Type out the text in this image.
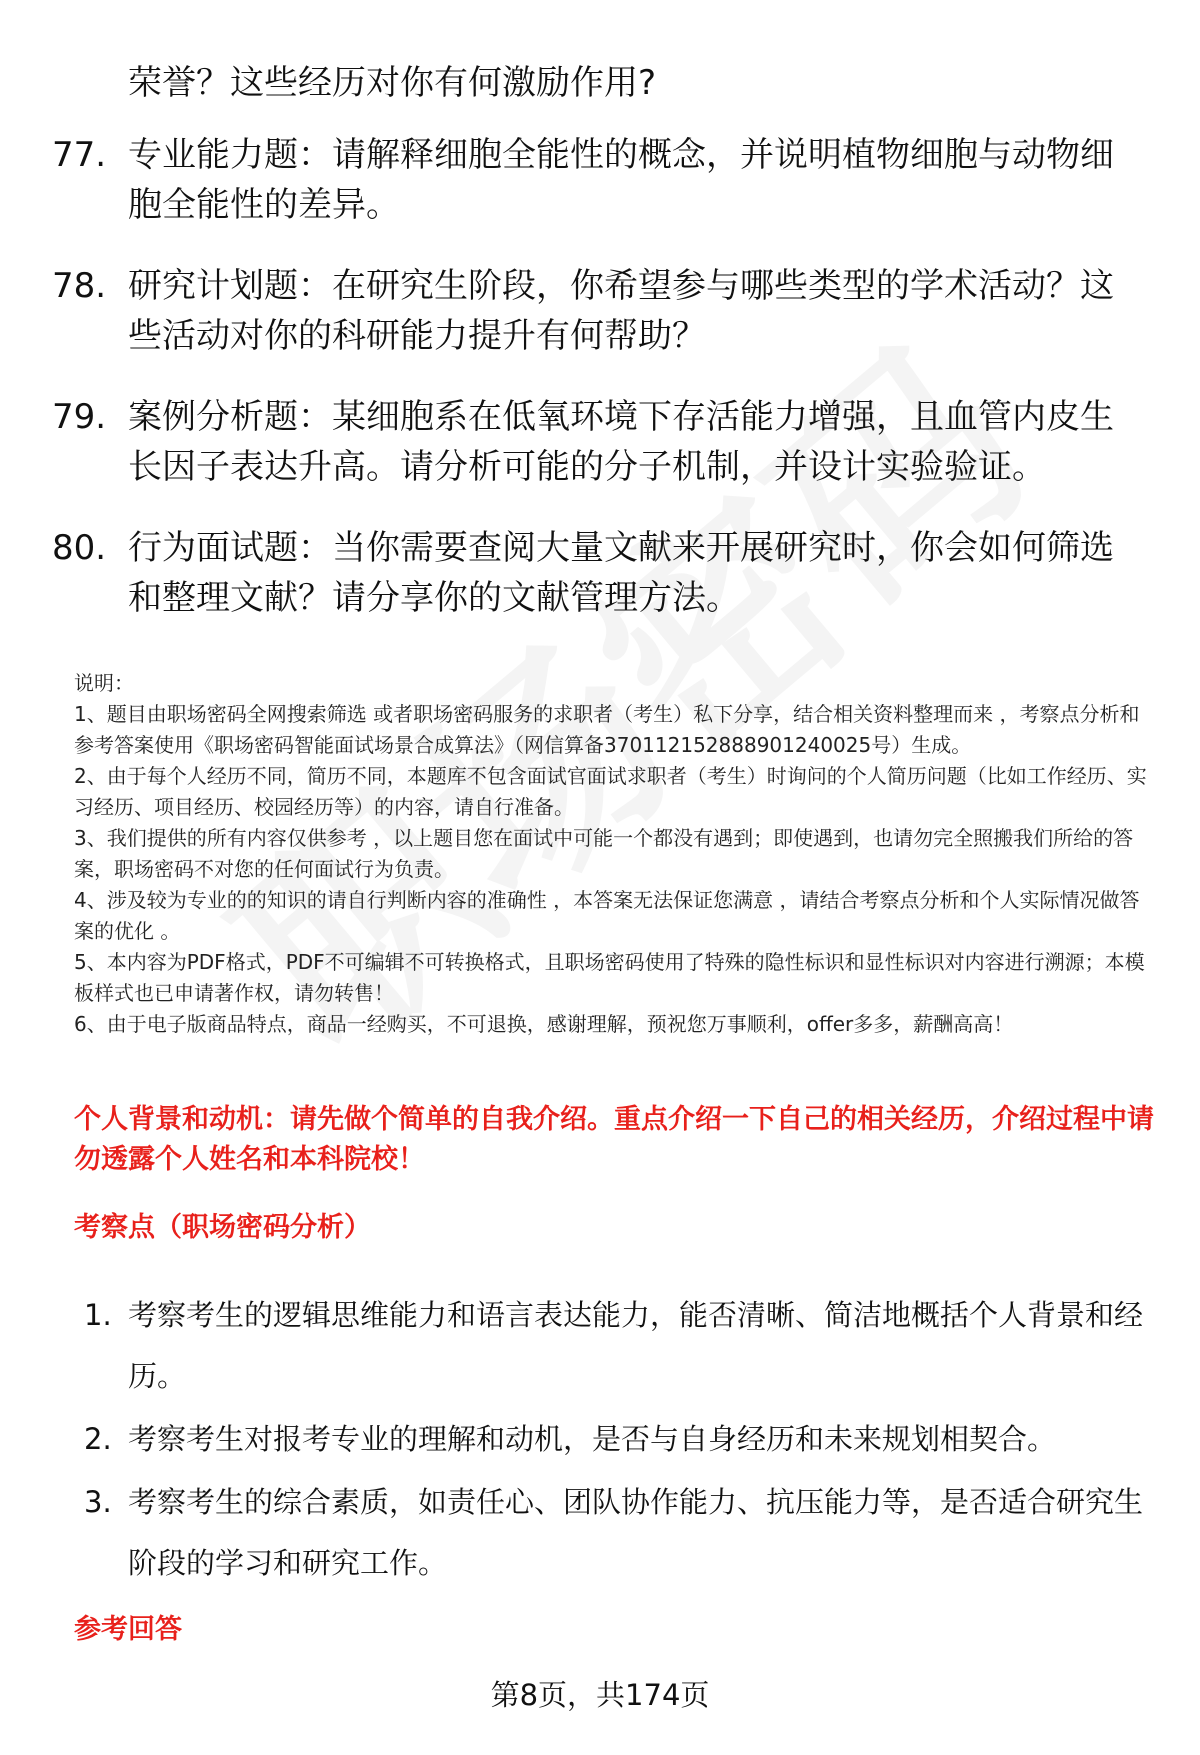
荣誉？这些经历对你有何激励作用?
77. 专业能力题：请解释细胞全能性的概念，并说明植物细胞与动物细胞全能性的差异。
78. 研究计划题：在研究生阶段，你希望参与哪些类型的学术活动？这些活动对你的科研能力提升有何帮助？
79. 案例分析题：某细胞系在低氧环境下存活能力增强，且血管内皮生长因子表达升高。请分析可能的分子机制，并设计实验验证。
80. 行为面试题：当你需要查阅大量文献来开展研究时，你会如何筛选和整理文献？请分享你的文献管理方法。

说明：

1、题目由职场密码全网搜索筛选 或者职场密码服务的求职者（考生）私下分享，结合相关资料整理而来 ，考察点分析和参考答案使用《职场密码智能面试场景合成算法》（网信算备370112152888901240025号）生成。

2、由于每个人经历不同，简历不同，本题库不包含面试官面试求职者（考生）时询问的个人简历问题（比如工作经历、实习经历、项目经历、校园经历等）的内容，请自行准备。

3、我们提供的所有内容仅供参考 ，以上题目您在面试中可能一个都没有遇到；即使遇到，也请勿完全照搬我们所给的答案，职场密码不对您的任何面试行为负责。

4、涉及较为专业的的知识的请自行判断内容的准确性 ，本答案无法保证您满意 ，请结合考察点分析和个人实际情况做答案的优化 。

5、本内容为PDF格式，PDF不可编辑不可转换格式，且职场密码使用了特殊的隐性标识和显性标识对内容进行溯源；本模板样式也已申请著作权，请勿转售！

6、由于电子版商品特点，商品一经购买，不可退换，感谢理解，预祝您万事顺利，offer多多，薪酬高高！

个人背景和动机：请先做个简单的自我介绍。重点介绍一下自己的相关经历，介绍过程中请勿透露个人姓名和本科院校！
考察点（职场密码分析）
1. 考察考生的逻辑思维能力和语言表达能力，能否清晰、简洁地概括个人背景和经历。
2. 考察考生对报考专业的理解和动机，是否与自身经历和未来规划相契合。
3. 考察考生的综合素质，如责任心、团队协作能力、抗压能力等，是否适合研究生阶段的学习和研究工作。
参考回答
第8页，共174页
